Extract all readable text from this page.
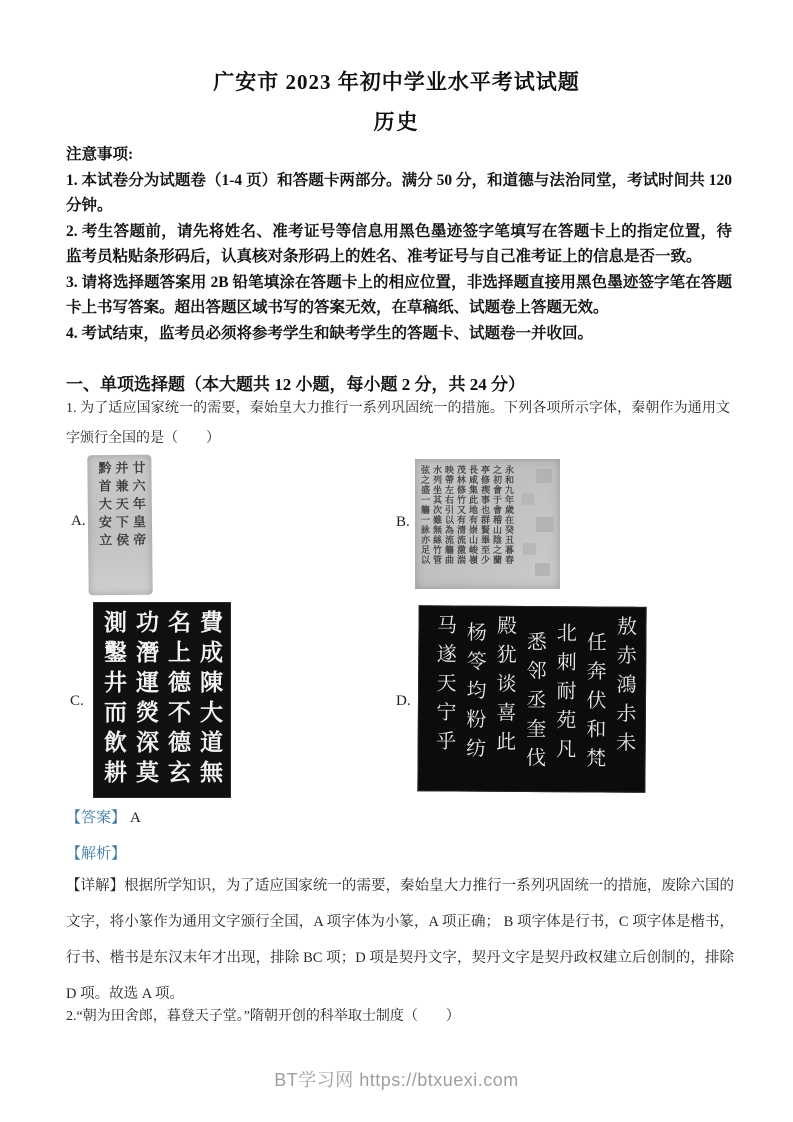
广安市 2023 年初中学业水平考试试题
历史

注意事项:

1. 本试卷分为试题卷（1-4 页）和答题卡两部分。满分 50 分，和道德与法治同堂，考试时间共 120 分钟。

2. 考生答题前，请先将姓名、准考证号等信息用黑色墨迹签字笔填写在答题卡上的指定位置，待监考员粘贴条形码后，认真核对条形码上的姓名、准考证号与自己准考证上的信息是否一致。

3. 请将选择题答案用 2B 铅笔填涂在答题卡上的相应位置，非选择题直接用黑色墨迹签字笔在答题卡上书写答案。超出答题区域书写的答案无效，在草稿纸、试题卷上答题无效。

4. 考试结束，监考员必须将参考学生和缺考学生的答题卡、试题卷一并收回。

一、单项选择题（本大题共 12 小题，每小题 2 分，共 24 分）

1. 为了适应国家统一的需要，秦始皇大力推行一系列巩固统一的措施。下列各项所示字体，秦朝作为通用文字颁行全国的是（　　）

A.	廿六年皇帝
并兼天下侯
黔首大安立	B.	永和九年歲在癸丑暮春
之初會于會稽山陰之蘭
亭修禊事也群賢畢至少
長咸集此地有崇山峻嶺
茂林修竹又有清流激湍
映帶左右引以為流觴曲
水列坐其次雖無絲竹管
弦之盛一觴一詠亦足以
C.	費成陳大道無
名上德不德玄
功潛運熒深莫
測鑿井而飲耕	D.	敖赤鴻尗未
任奔伏和梵
北刺耐苑凡
悉邻丞奎伐
殿犹谈喜此
杨笭均粉纺
马遂天宁乎

【答案】 A

【解析】

【详解】根据所学知识，为了适应国家统一的需要，秦始皇大力推行一系列巩固统一的措施，废除六国的文字，将小篆作为通用文字颁行全国，A 项字体为小篆，A 项正确； B 项字体是行书，C 项字体是楷书，行书、楷书是东汉末年才出现，排除 BC 项；D 项是契丹文字，契丹文字是契丹政权建立后创制的，排除 D 项。故选 A 项。

2.“朝为田舍郎，暮登天子堂。”隋朝开创的科举取士制度（　　）

BT学习网 https://btxuexi.com
